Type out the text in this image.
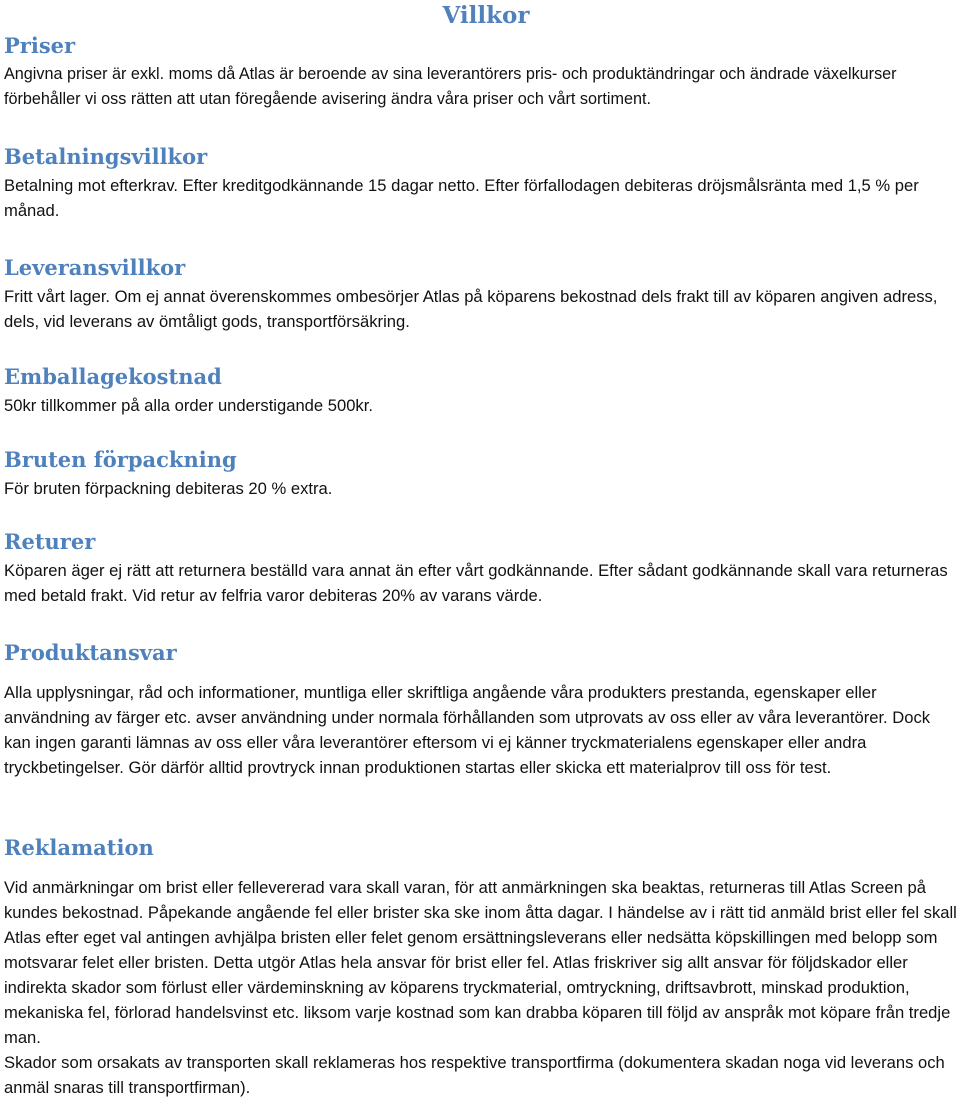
Villkor
Priser

Angivna priser är exkl. moms då Atlas är beroende av sina leverantörers pris- och produktändringar och ändrade växelkurser förbehåller vi oss rätten att utan föregående avisering ändra våra priser och vårt sortiment.

Betalningsvillkor

Betalning mot efterkrav. Efter kreditgodkännande 15 dagar netto. Efter förfallodagen debiteras dröjsmålsränta med 1,5 % per månad.

Leveransvillkor

Fritt vårt lager. Om ej annat överenskommes ombesörjer Atlas på köparens bekostnad dels frakt till av köparen angiven adress, dels, vid leverans av ömtåligt gods, transportförsäkring.

Emballagekostnad

50kr tillkommer på alla order understigande 500kr.

Bruten förpackning

För bruten förpackning debiteras 20 % extra.

Returer

Köparen äger ej rätt att returnera beställd vara annat än efter vårt godkännande. Efter sådant godkännande skall vara returneras med betald frakt. Vid retur av felfria varor debiteras 20% av varans värde.

Produktansvar

Alla upplysningar, råd och informationer, muntliga eller skriftliga angående våra produkters prestanda, egenskaper eller användning av färger etc. avser användning under normala förhållanden som utprovats av oss eller av våra leverantörer. Dock kan ingen garanti lämnas av oss eller våra leverantörer eftersom vi ej känner tryckmaterialens egenskaper eller andra tryckbetingelser. Gör därför alltid provtryck innan produktionen startas eller skicka ett materialprov till oss för test.

Reklamation

Vid anmärkningar om brist eller fellevererad vara skall varan, för att anmärkningen ska beaktas, returneras till Atlas Screen på kundes bekostnad. Påpekande angående fel eller brister ska ske inom åtta dagar. I händelse av i rätt tid anmäld brist eller fel skall Atlas efter eget val antingen avhjälpa bristen eller felet genom ersättningsleverans eller nedsätta köpskillingen med belopp som motsvarar felet eller bristen. Detta utgör Atlas hela ansvar för brist eller fel. Atlas friskriver sig allt ansvar för följdskador eller indirekta skador som förlust eller värdeminskning av köparens tryckmaterial, omtryckning, driftsavbrott, minskad produktion, mekaniska fel, förlorad handelsvinst etc. liksom varje kostnad som kan drabba köparen till följd av anspråk mot köpare från tredje man.

Skador som orsakats av transporten skall reklameras hos respektive transportfirma (dokumentera skadan noga vid leverans och anmäl snaras till transportfirman).
